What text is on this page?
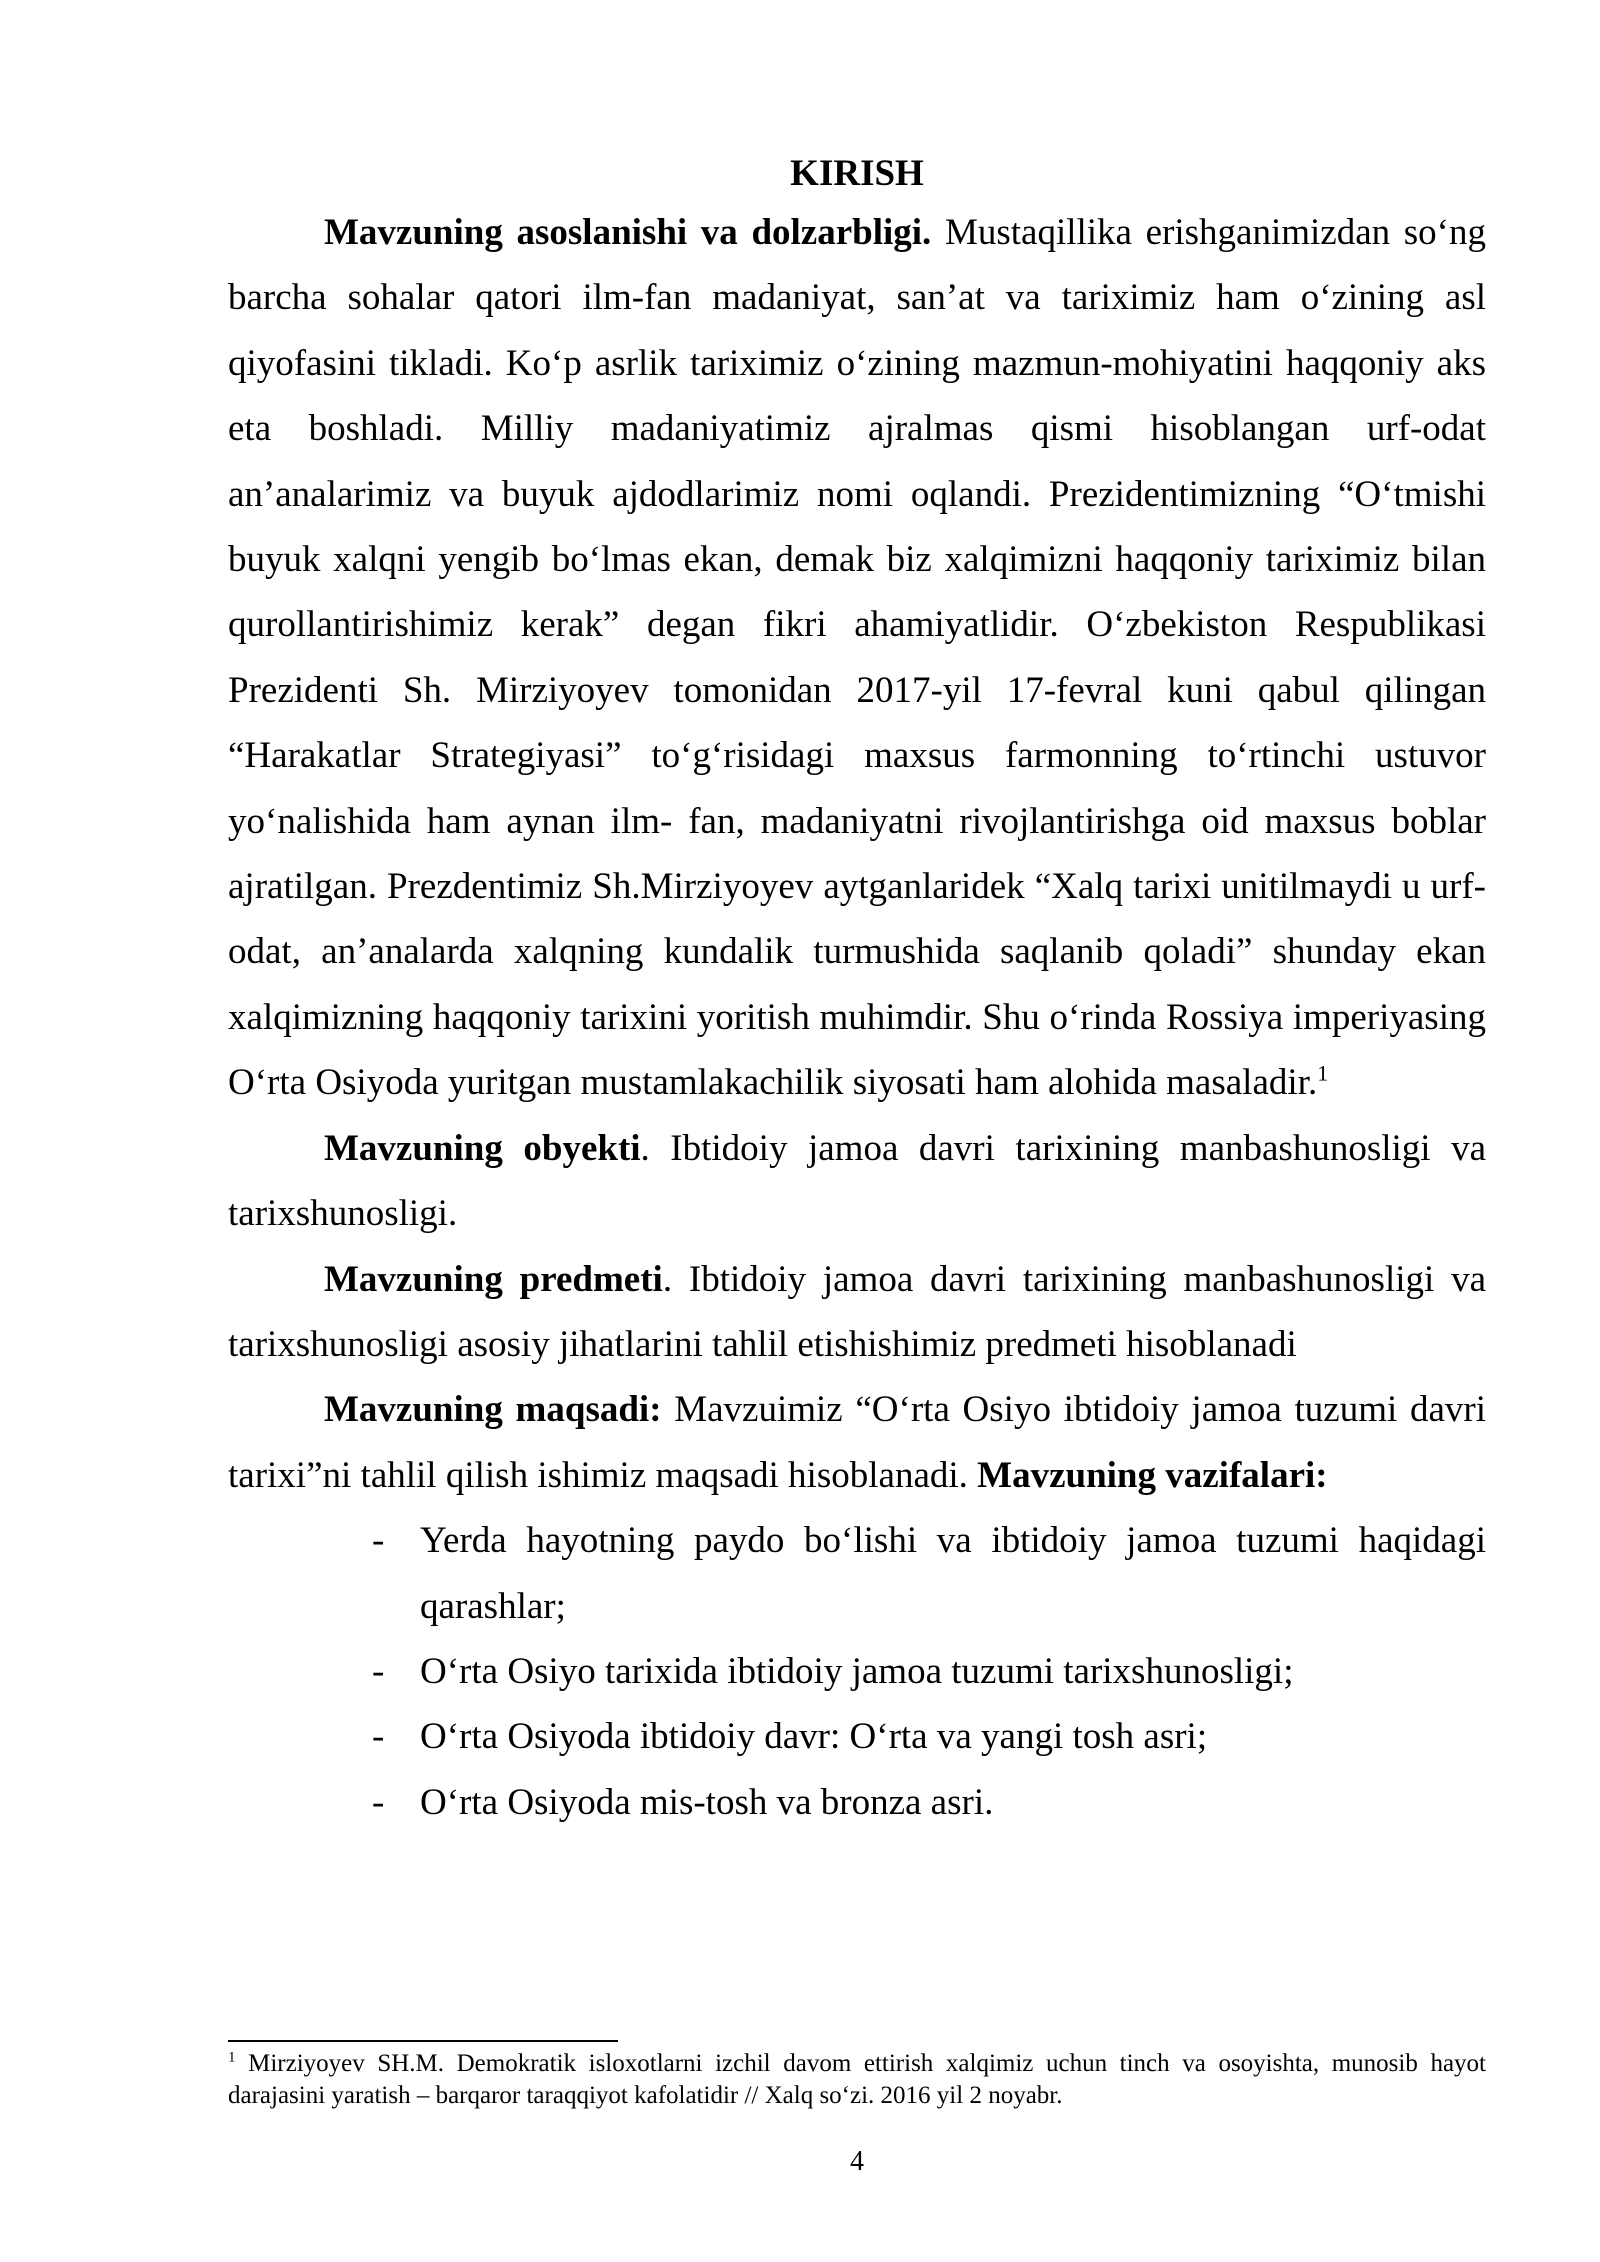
KIRISH

Mavzuning asoslanishi va dolzarbligi. Mustaqillika erishganimizdan so‘ng barcha sohalar qatori ilm-fan madaniyat, san’at va tariximiz ham o‘zining asl qiyofasini tikladi. Ko‘p asrlik tariximiz o‘zining mazmun-mohiyatini haqqoniy aks eta boshladi. Milliy madaniyatimiz ajralmas qismi hisoblangan urf-odat an’analarimiz va buyuk ajdodlarimiz nomi oqlandi. Prezidentimizning “O‘tmishi buyuk xalqni yengib bo‘lmas ekan, demak biz xalqimizni haqqoniy tariximiz bilan qurollantirishimiz kerak” degan fikri ahamiyatlidir. O‘zbekiston Respublikasi Prezidenti Sh. Mirziyoyev tomonidan 2017-yil 17-fevral kuni qabul qilingan “Harakatlar Strategiyasi” to‘g‘risidagi maxsus farmonning to‘rtinchi ustuvor yo‘nalishida ham aynan ilm- fan, madaniyatni rivojlantirishga oid maxsus boblar ajratilgan. Prezdentimiz Sh.Mirziyoyev aytganlaridek “Xalq tarixi unitilmaydi u urf-odat, an’analarda xalqning kundalik turmushida saqlanib qoladi” shunday ekan xalqimizning haqqoniy tarixini yoritish muhimdir. Shu o‘rinda Rossiya imperiyasing O‘rta Osiyoda yuritgan mustamlakachilik siyosati ham alohida masaladir.$^1$

Mavzuning obyekti. Ibtidoiy jamoa davri tarixining manbashunosligi va tarixshunosligi.

Mavzuning predmeti. Ibtidoiy jamoa davri tarixining manbashunosligi va tarixshunosligi asosiy jihatlarini tahlil etishishimiz predmeti hisoblanadi

Mavzuning maqsadi: Mavzuimiz “O‘rta Osiyo ibtidoiy jamoa tuzumi davri tarixi”ni tahlil qilish ishimiz maqsadi hisoblanadi. Mavzuning vazifalari:

- Yerda hayotning paydo bo‘lishi va ibtidoiy jamoa tuzumi haqidagi qarashlar;
- O‘rta Osiyo tarixida ibtidoiy jamoa tuzumi tarixshunosligi;
- O‘rta Osiyoda ibtidoiy davr: O‘rta va yangi tosh asri;
- O‘rta Osiyoda mis-tosh va bronza asri.
$^1$ Mirziyoyev SH.M. Demokratik isloxotlarni izchil davom ettirish xalqimiz uchun tinch va osoyishta, munosib hayot darajasini yaratish – barqaror taraqqiyot kafolatidir // Xalq so‘zi. 2016 yil 2 noyabr.
4
